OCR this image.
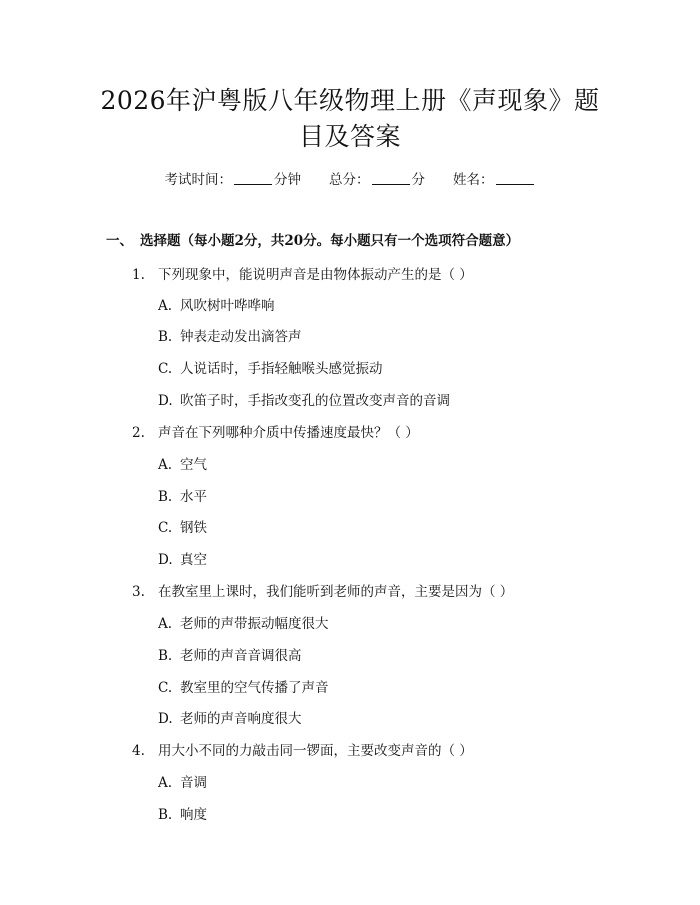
2026年沪粤版八年级物理上册《声现象》题
目及答案
考试时间：	分钟 总分：	分 姓名：
一、 选择题（每小题2分，共20分。每小题只有一个选项符合题意）
1. 下列现象中，能说明声音是由物体振动产生的是（ ）
A. 风吹树叶哗哗响
B. 钟表走动发出滴答声
C. 人说话时，手指轻触喉头感觉振动
D. 吹笛子时，手指改变孔的位置改变声音的音调
2. 声音在下列哪种介质中传播速度最快？（ ）
A. 空气
B. 水平
C. 钢铁
D. 真空
3. 在教室里上课时，我们能听到老师的声音，主要是因为（ ）
A. 老师的声带振动幅度很大
B. 老师的声音音调很高
C. 教室里的空气传播了声音
D. 老师的声音响度很大
4. 用大小不同的力敲击同一锣面，主要改变声音的（ ）
A. 音调
B. 响度
